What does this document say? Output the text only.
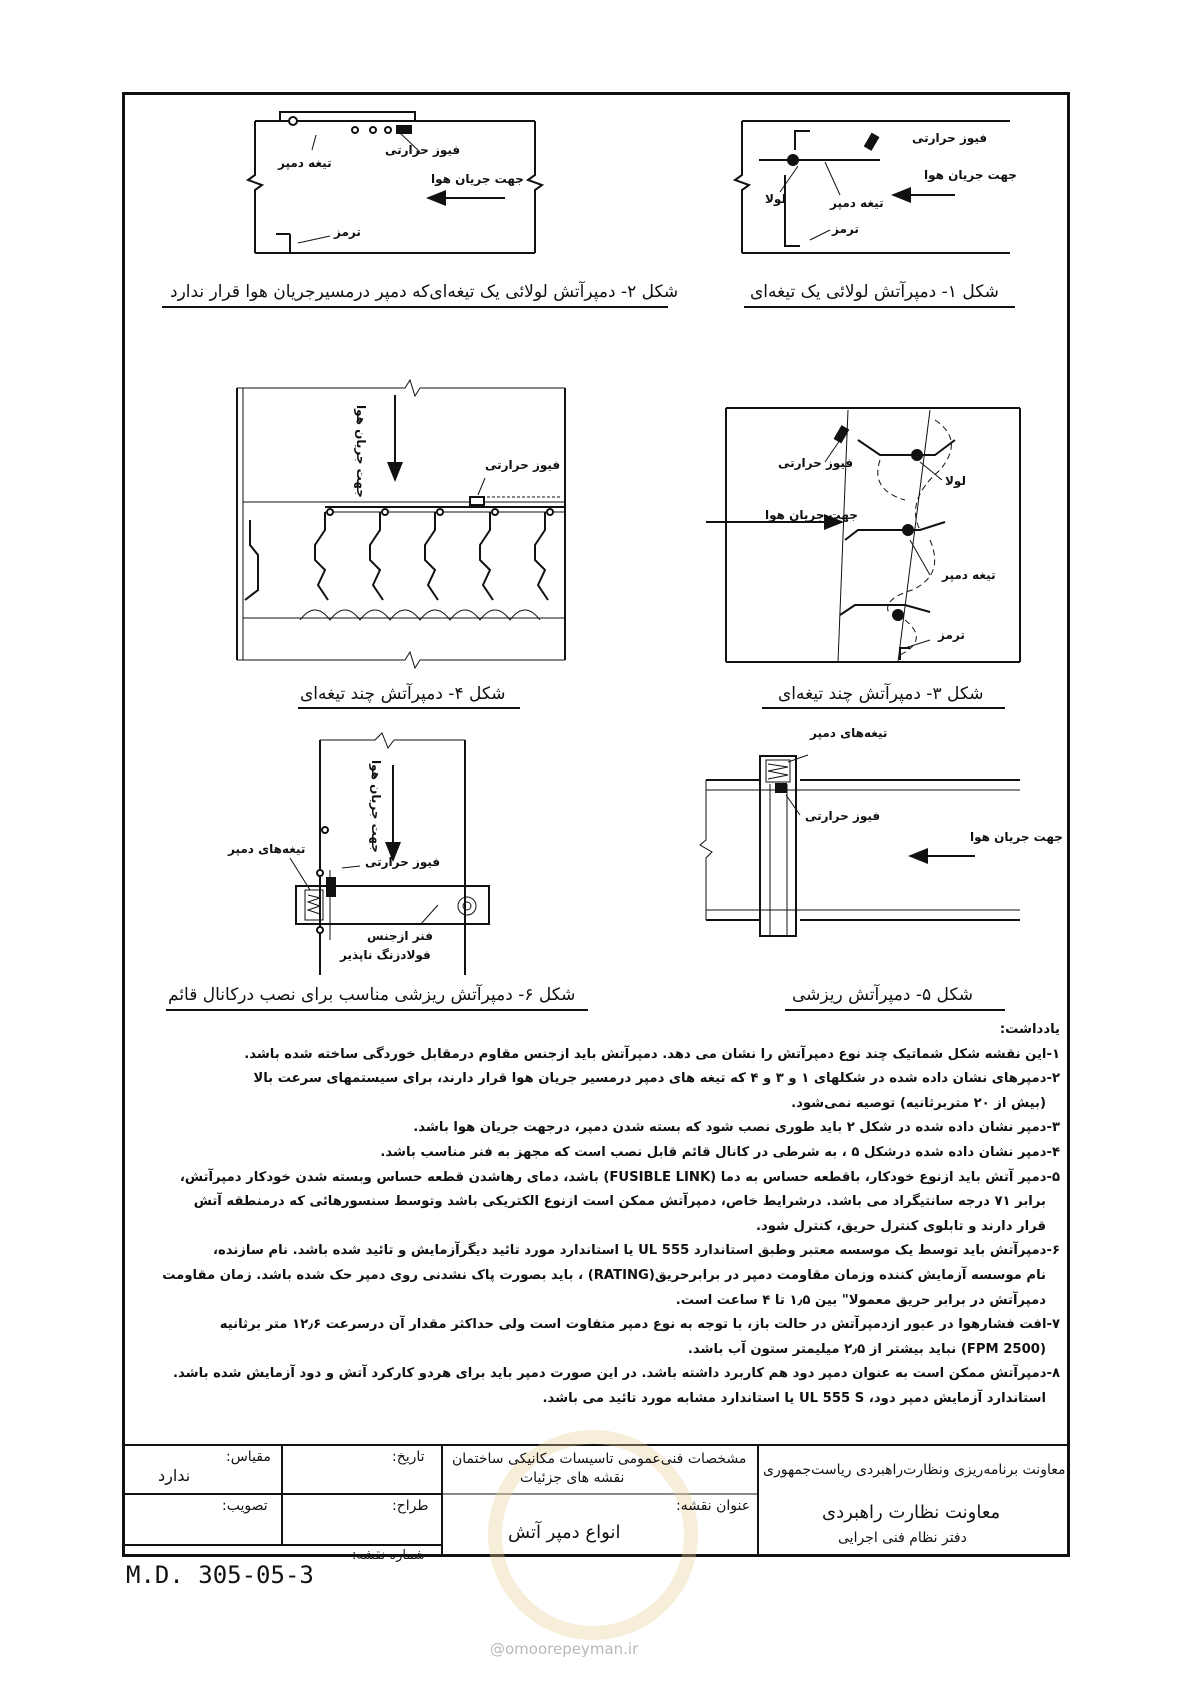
فیوز حرارتی
تیغه دمپر
جهت جریان هوا
ترمز
شکل ۲- دمپرآتش لولائی یک تیغه‌ای‌که دمپر درمسیرجریان هوا قرار ندارد
فیوز حرارتی
جهت جریان هوا
لولا	تیغه دمپر
ترمز
شکل ۱- دمپرآتش لولائی یک تیغه‌ای
جهت جریان هوا	فیوز حرارتی
شکل ۴- دمپرآتش چند تیغه‌ای
فیوز حرارتی
لولا
جهت جریان هوا
تیغه دمپر
ترمز
شکل ۳- دمپرآتش چند تیغه‌ای
جهت جریان هوا
تیغه‌های دمپر
فیوز حرارتی
فنر ازجنس
فولادزنگ ناپذیر
شکل ۶- دمپرآتش ریزشی مناسب برای نصب درکانال قائم
تیغه‌های دمپر
فیوز حرارتی
جهت جریان هوا
شکل ۵- دمپرآتش ریزشی
یادداشت:
۱-این نقشه شکل شماتیک چند نوع دمپرآتش را نشان می دهد. دمپرآتش باید ازجنس مقاوم درمقابل خوردگی ساخته شده باشد.
۲-دمپرهای نشان داده شده در شکلهای ۱ و ۳ و ۴ که تیغه های دمپر درمسیر جریان هوا قرار دارند، برای سیستمهای سرعت بالا
(بیش از ۲۰ متربرثانیه) توصیه نمی‌شود.
۳-دمپر نشان داده شده در شکل ۲ باید طوری نصب شود که بسته شدن دمپر، درجهت جریان هوا باشد.
۴-دمپر نشان داده شده درشکل ۵ ، به شرطی در کانال قائم قابل نصب است که مجهز به فنر مناسب باشد.
۵-دمپر آتش باید ازنوع خودکار، باقطعه حساس به دما (FUSIBLE LINK) باشد، دمای رهاشدن قطعه حساس وبسته شدن خودکار دمپرآتش،
برابر ۷۱ درجه سانتیگراد می باشد. درشرایط خاص، دمپرآتش ممکن است ازنوع الکتریکی باشد وتوسط سنسورهائی که درمنطقه آتش
قرار دارند و تابلوی کنترل حریق، کنترل شود.
۶-دمپرآتش باید توسط یک موسسه معتبر وطبق استاندارد UL 555 یا استاندارد مورد تائید دیگرآزمایش و تائید شده باشد. نام سازنده،
نام موسسه آزمایش کننده وزمان مقاومت دمپر در برابرحریق(RATING) ، باید بصورت پاک نشدنی روی دمپر حک شده باشد. زمان مقاومت
دمپرآتش در برابر حریق معمولا" بین ۱٫۵ تا ۴ ساعت است.
۷-افت فشارهوا در عبور ازدمپرآتش در حالت باز، با توجه به نوع دمپر متفاوت است ولی حداکثر مقدار آن درسرعت ۱۲٫۶ متر برثانیه
(2500 FPM) نباید بیشتر از ۲٫۵ میلیمتر ستون آب باشد.
۸-دمپرآتش ممکن است به عنوان دمپر دود هم کاربرد داشته باشد. در این صورت دمپر باید برای هردو کارکرد آتش و دود آزمایش شده باشد.
استاندارد آزمایش دمپر دود، UL 555 S یا استاندارد مشابه مورد تائید می باشد.
@omoorepeyman.ir
معاونت برنامه‌ریزی ونظارت‌راهبردی ریاست‌جمهوری
معاونت نظارت راهبردی
دفتر نظام فنی اجرایی
مشخصات فنی‌عمومی تاسیسات مکانیکی ساختمان
نقشه های جزئیات
عنوان نقشه:
انواع دمپر آتش
تاریخ:
مقیاس:
ندارد
طراح:
تصویب:
شماره نقشه:
M.D. 305-05-3
